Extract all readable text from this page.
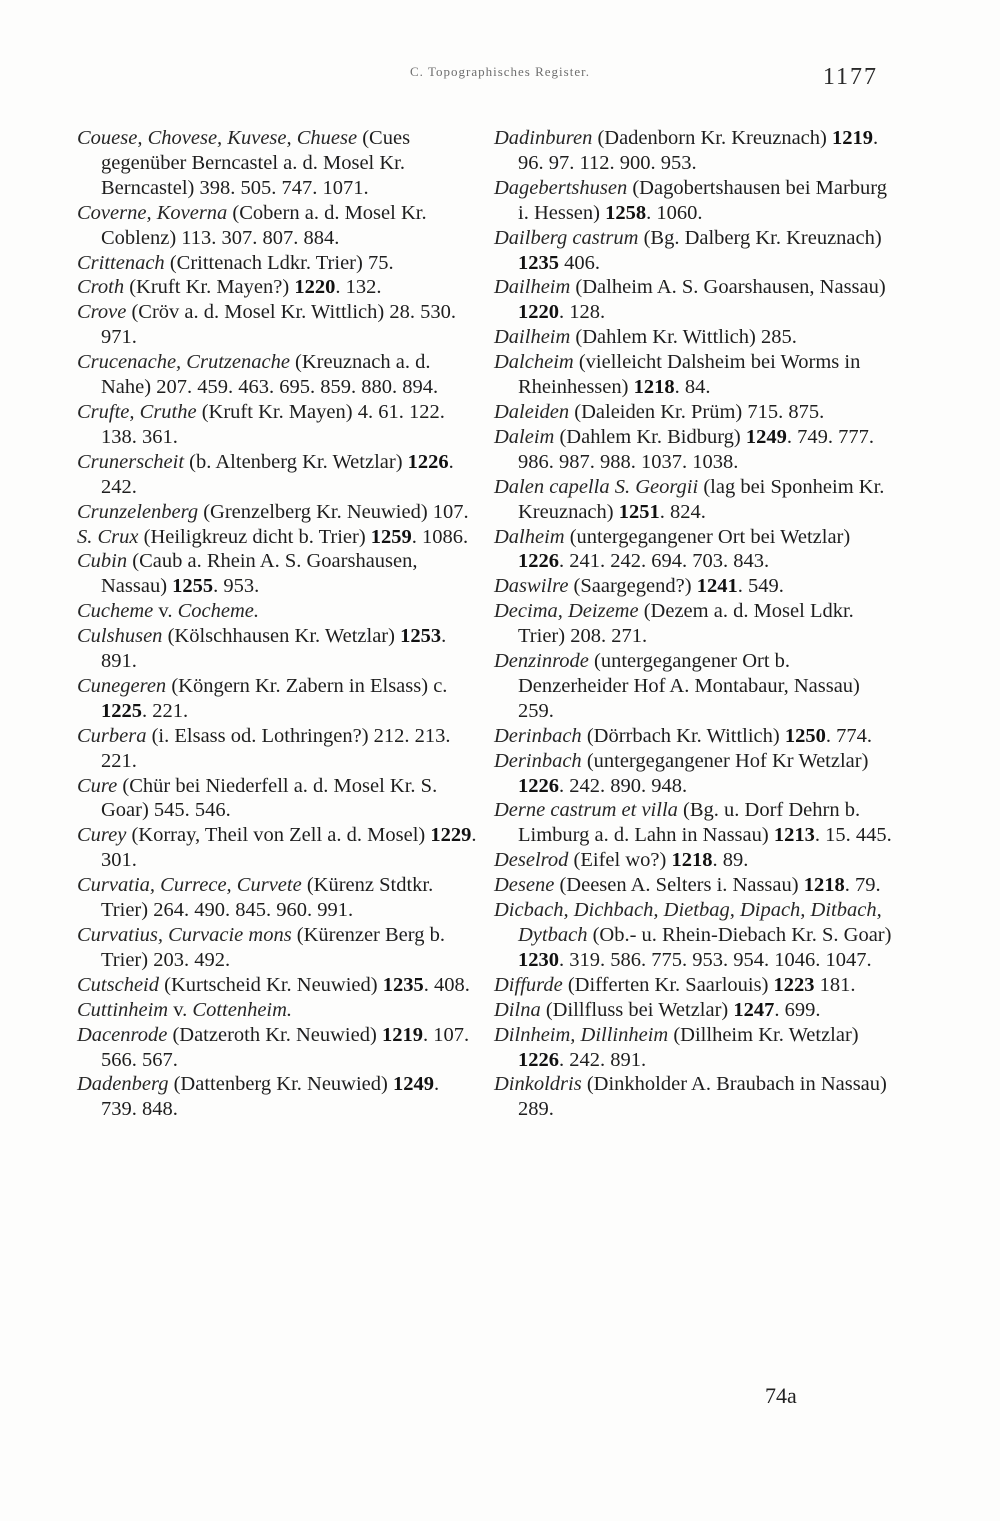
C. Topographisches Register.	1177

Couese, Chovese, Kuvese, Chuese (Cues gegenüber Berncastel a. d. Mosel Kr. Berncastel) 398. 505. 747. 1071.

Coverne, Koverna (Cobern a. d. Mosel Kr. Coblenz) 113. 307. 807. 884.

Crittenach (Crittenach Ldkr. Trier) 75.

Croth (Kruft Kr. Mayen?) 1220. 132.

Crove (Cröv a. d. Mosel Kr. Wittlich) 28. 530. 971.

Crucenache, Crutzenache (Kreuznach a. d. Nahe) 207. 459. 463. 695. 859. 880. 894.

Crufte, Cruthe (Kruft Kr. Mayen) 4. 61. 122. 138. 361.

Crunerscheit (b. Altenberg Kr. Wetzlar) 1226. 242.

Crunzelenberg (Grenzelberg Kr. Neuwied) 107.

S. Crux (Heiligkreuz dicht b. Trier) 1259. 1086.

Cubin (Caub a. Rhein A. S. Goarshausen, Nassau) 1255. 953.

Cucheme v. Cocheme.

Culshusen (Kölschhausen Kr. Wetzlar) 1253. 891.

Cunegeren (Köngern Kr. Zabern in Elsass) c. 1225. 221.

Curbera (i. Elsass od. Lothringen?) 212. 213. 221.

Cure (Chür bei Niederfell a. d. Mosel Kr. S. Goar) 545. 546.

Curey (Korray, Theil von Zell a. d. Mosel) 1229. 301.

Curvatia, Currece, Curvete (Kürenz Stdtkr. Trier) 264. 490. 845. 960. 991.

Curvatius, Curvacie mons (Kürenzer Berg b. Trier) 203. 492.

Cutscheid (Kurtscheid Kr. Neuwied) 1235. 408.

Cuttinheim v. Cottenheim.

Dacenrode (Datzeroth Kr. Neuwied) 1219. 107. 566. 567.

Dadenberg (Dattenberg Kr. Neuwied) 1249. 739. 848.

Dadinburen (Dadenborn Kr. Kreuznach) 1219. 96. 97. 112. 900. 953.

Dagebertshusen (Dagobertshausen bei Marburg i. Hessen) 1258. 1060.

Dailberg castrum (Bg. Dalberg Kr. Kreuznach) 1235 406.

Dailheim (Dalheim A. S. Goarshausen, Nassau) 1220. 128.

Dailheim (Dahlem Kr. Wittlich) 285.

Dalcheim (vielleicht Dalsheim bei Worms in Rheinhessen) 1218. 84.

Daleiden (Daleiden Kr. Prüm) 715. 875.

Daleim (Dahlem Kr. Bidburg) 1249. 749. 777. 986. 987. 988. 1037. 1038.

Dalen capella S. Georgii (lag bei Sponheim Kr. Kreuznach) 1251. 824.

Dalheim (untergegangener Ort bei Wetzlar) 1226. 241. 242. 694. 703. 843.

Daswilre (Saargegend?) 1241. 549.

Decima, Deizeme (Dezem a. d. Mosel Ldkr. Trier) 208. 271.

Denzinrode (untergegangener Ort b. Denzerheider Hof A. Montabaur, Nassau) 259.

Derinbach (Dörrbach Kr. Wittlich) 1250. 774.

Derinbach (untergegangener Hof Kr Wetzlar) 1226. 242. 890. 948.

Derne castrum et villa (Bg. u. Dorf Dehrn b. Limburg a. d. Lahn in Nassau) 1213. 15. 445.

Deselrod (Eifel wo?) 1218. 89.

Desene (Deesen A. Selters i. Nassau) 1218. 79.

Dicbach, Dichbach, Dietbag, Dipach, Ditbach, Dytbach (Ob.- u. Rhein-Diebach Kr. S. Goar) 1230. 319. 586. 775. 953. 954. 1046. 1047.

Diffurde (Differten Kr. Saarlouis) 1223 181.

Dilna (Dillfluss bei Wetzlar) 1247. 699.

Dilnheim, Dillinheim (Dillheim Kr. Wetzlar) 1226. 242. 891.

Dinkoldris (Dinkholder A. Braubach in Nassau) 289.

74a
